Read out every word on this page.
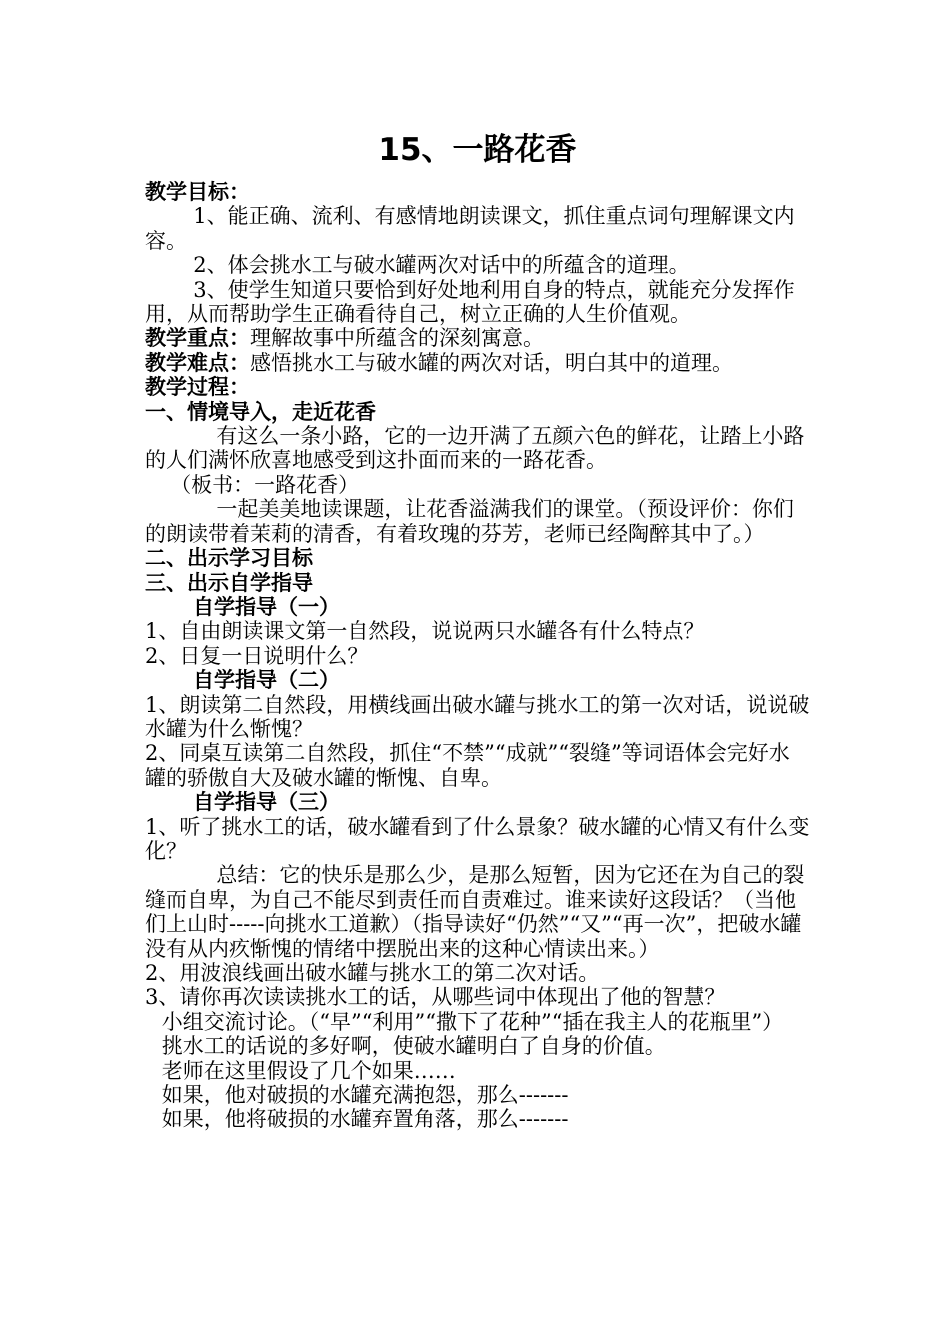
15、一路花香

教学目标：

1、能正确、流利、有感情地朗读课文，抓住重点词句理解课文内容。

2、体会挑水工与破水罐两次对话中的所蕴含的道理。

3、使学生知道只要恰到好处地利用自身的特点，就能充分发挥作用，从而帮助学生正确看待自己，树立正确的人生价值观。

教学重点：理解故事中所蕴含的深刻寓意。

教学难点：感悟挑水工与破水罐的两次对话，明白其中的道理。

教学过程：

一、情境导入，走近花香

有这么一条小路，它的一边开满了五颜六色的鲜花，让踏上小路的人们满怀欣喜地感受到这扑面而来的一路花香。

（板书：一路花香）

一起美美地读课题，让花香溢满我们的课堂。（预设评价：你们的朗读带着茉莉的清香，有着玫瑰的芬芳，老师已经陶醉其中了。）

二、出示学习目标

三、出示自学指导

自学指导（一）

1、自由朗读课文第一自然段，说说两只水罐各有什么特点？

2、日复一日说明什么？

自学指导（二）

1、朗读第二自然段，用横线画出破水罐与挑水工的第一次对话，说说破水罐为什么惭愧？

2、同桌互读第二自然段，抓住“不禁”“成就”“裂缝”等词语体会完好水罐的骄傲自大及破水罐的惭愧、自卑。

自学指导（三）

1、听了挑水工的话，破水罐看到了什么景象？破水罐的心情又有什么变化？

总结：它的快乐是那么少，是那么短暂，因为它还在为自己的裂缝而自卑，为自己不能尽到责任而自责难过。谁来读好这段话？（当他们上山时-----向挑水工道歉）（指导读好“仍然”“又”“再一次”，把破水罐没有从内疚惭愧的情绪中摆脱出来的这种心情读出来。）

2、用波浪线画出破水罐与挑水工的第二次对话。

3、请你再次读读挑水工的话，从哪些词中体现出了他的智慧？

小组交流讨论。（“早”“利用”“撒下了花种”“插在我主人的花瓶里”）

挑水工的话说的多好啊，使破水罐明白了自身的价值。

老师在这里假设了几个如果……

如果，他对破损的水罐充满抱怨，那么-------

如果，他将破损的水罐弃置角落，那么-------
